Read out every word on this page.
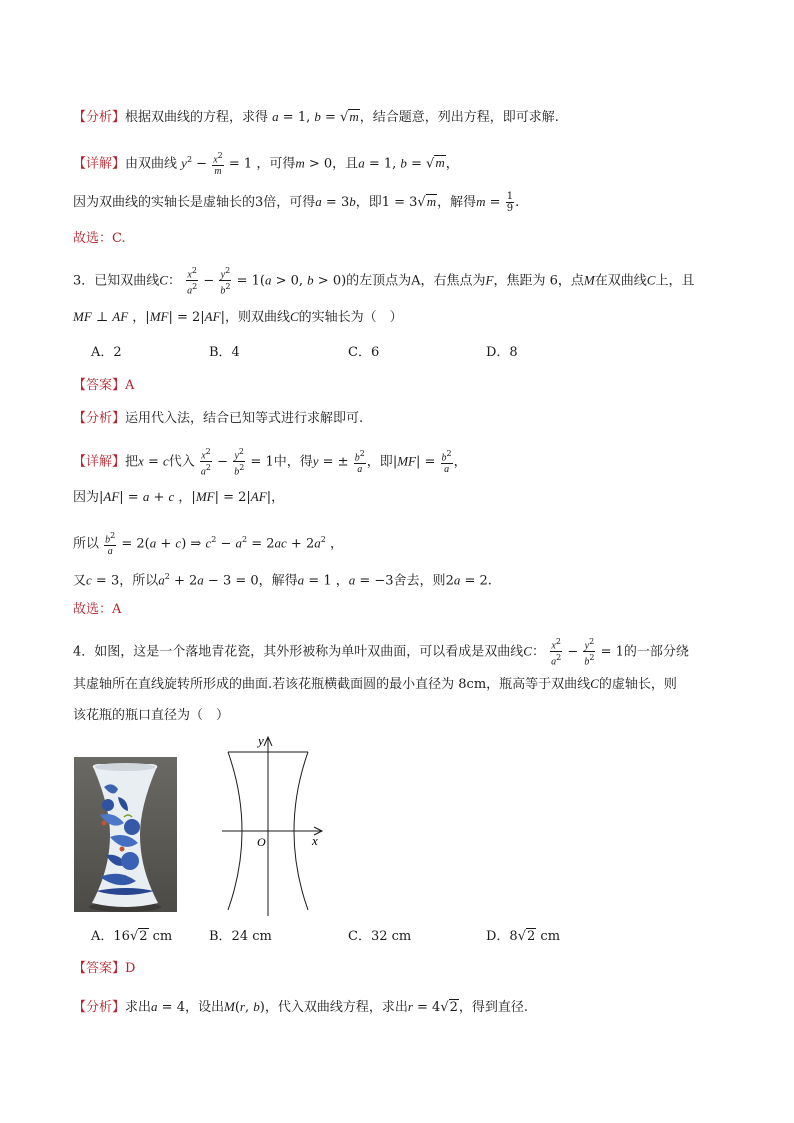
【分析】根据双曲线的方程，求得 a = 1, b = √m，结合题意，列出方程，即可求解.
【详解】由双曲线 $y^2 - \frac{x^2}{m} = 1$ ，可得m > 0，且a = 1, b = √m，
因为双曲线的实轴长是虚轴长的3倍，可得a = 3b，即1 = 3√m，解得$m = \frac{1}{9}$ .
故选：C.
3．已知双曲线C： $\frac{x^2}{a^2} - \frac{y^2}{b^2} = 1(a > 0$, b > 0)的左顶点为A，右焦点为F，焦距为 6，点M在双曲线C上，且
MF ⊥ AF ，|MF| = 2|AF|，则双曲线C的实轴长为（　）
A．2	B．4	C．6	D．8
【答案】A
【分析】运用代入法，结合已知等式进行求解即可.
【详解】把x = c代入 $\frac{x^2}{a^2} - \frac{y^2}{b^2} = 1$中，得y = ± $\frac{b^2}{a}$ ，即$|MF| = \frac{b^2}{a}$ ，
因为|AF| = a + c ，|MF| = 2|AF|，
所以 $\frac{b^2}{a} = 2(a + c)$ ⇒ $c^2 - a^2 = 2ac + 2a^2$ ，
又c = 3，所以$a^2 + 2a - 3 = 0$，解得a = 1 ，a = −3舍去，则2a = 2.
故选：A
4．如图，这是一个落地青花瓷，其外形被称为单叶双曲面，可以看成是双曲线C： $\frac{x^2}{a^2} - \frac{y^2}{b^2} = 1$的一部分绕
其虚轴所在直线旋转所形成的曲面.若该花瓶横截面圆的最小直径为 8cm，瓶高等于双曲线C的虚轴长，则
该花瓶的瓶口直径为（　）
y
x
O
A．16√2 cm	B．24 cm	C．32 cm	D．8√2 cm
【答案】D
【分析】求出a = 4，设出M(r, b)，代入双曲线方程，求出r = 4√2，得到直径.
